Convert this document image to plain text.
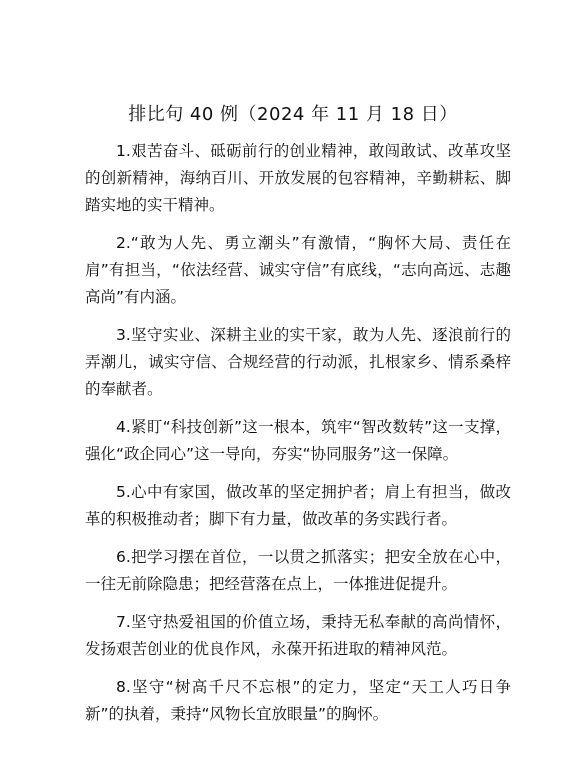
排比句 40 例（2024 年 11 月 18 日）

1.艰苦奋斗、砥砺前行的创业精神，敢闯敢试、改革攻坚的创新精神，海纳百川、开放发展的包容精神，辛勤耕耘、脚踏实地的实干精神。

2.“敢为人先、勇立潮头”有激情，“胸怀大局、责任在肩”有担当，“依法经营、诚实守信”有底线，“志向高远、志趣高尚”有内涵。

3.坚守实业、深耕主业的实干家，敢为人先、逐浪前行的弄潮儿，诚实守信、合规经营的行动派，扎根家乡、情系桑梓的奉献者。

4.紧盯“科技创新”这一根本，筑牢“智改数转”这一支撑，强化“政企同心”这一导向，夯实“协同服务”这一保障。

5.心中有家国，做改革的坚定拥护者；肩上有担当，做改革的积极推动者；脚下有力量，做改革的务实践行者。

6.把学习摆在首位，一以贯之抓落实；把安全放在心中，一往无前除隐患；把经营落在点上，一体推进促提升。

7.坚守热爱祖国的价值立场，秉持无私奉献的高尚情怀，发扬艰苦创业的优良作风，永葆开拓进取的精神风范。

8.坚守“树高千尺不忘根”的定力，坚定“天工人巧日争新”的执着，秉持“风物长宜放眼量”的胸怀。
